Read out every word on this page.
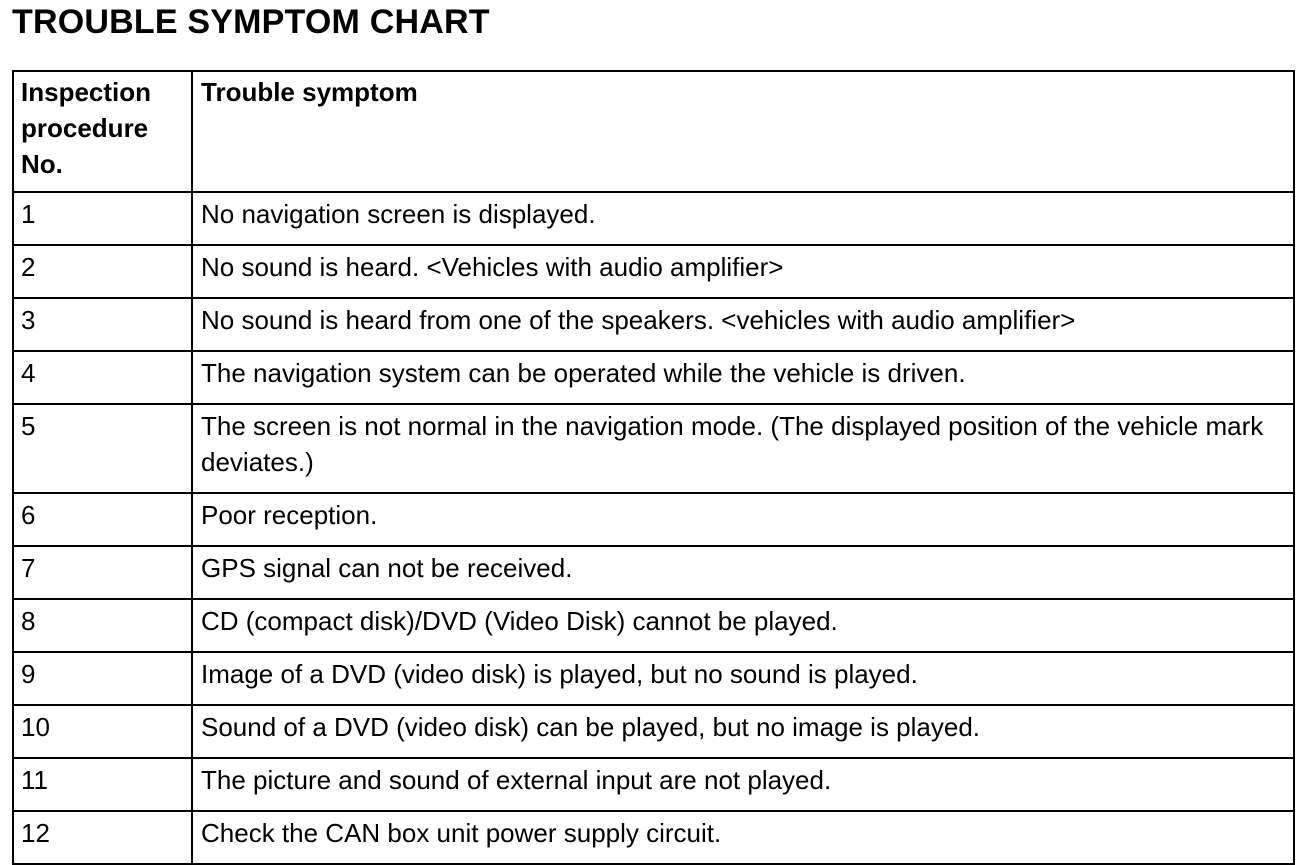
TROUBLE SYMPTOM CHART
Inspection procedure No.	Trouble symptom
1	No navigation screen is displayed.
2	No sound is heard. <Vehicles with audio amplifier>
3	No sound is heard from one of the speakers. <vehicles with audio amplifier>
4	The navigation system can be operated while the vehicle is driven.
5	The screen is not normal in the navigation mode. (The displayed position of the vehicle mark deviates.)
6	Poor reception.
7	GPS signal can not be received.
8	CD (compact disk)/DVD (Video Disk) cannot be played.
9	Image of a DVD (video disk) is played, but no sound is played.
10	Sound of a DVD (video disk) can be played, but no image is played.
11	The picture and sound of external input are not played.
12	Check the CAN box unit power supply circuit.
